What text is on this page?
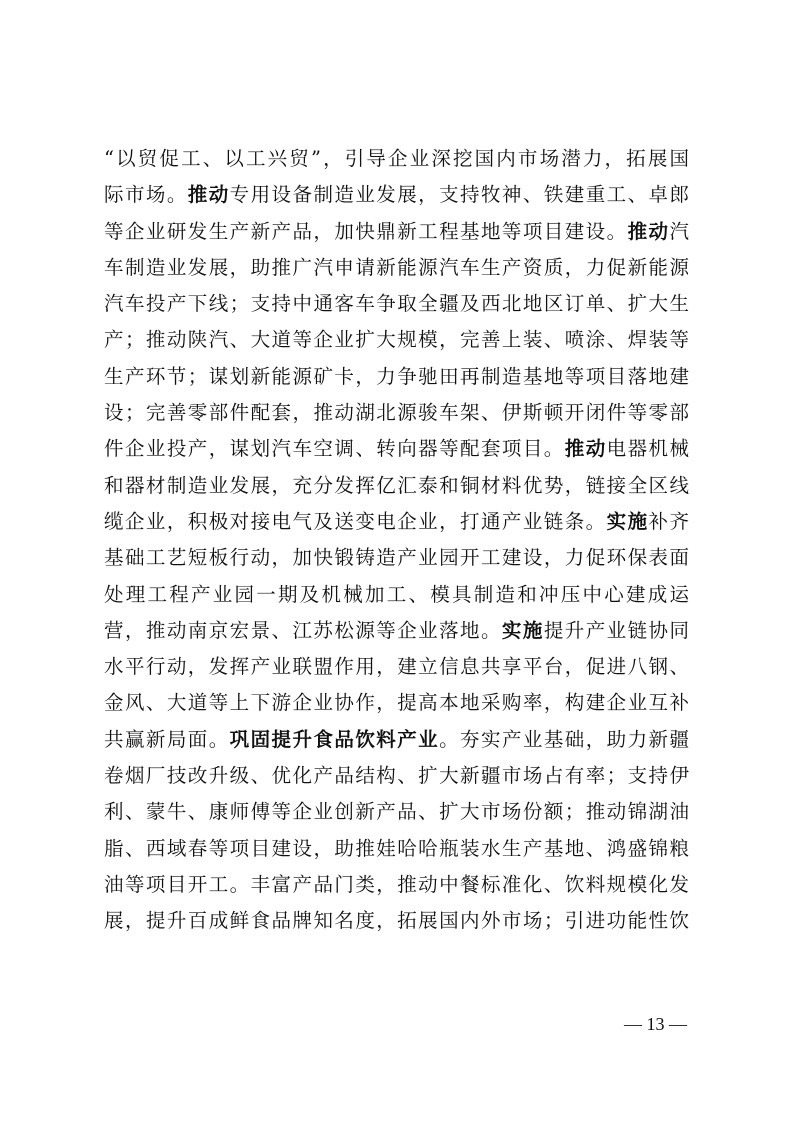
“以贸促工、以工兴贸”，引导企业深挖国内市场潜力，拓展国
际市场。推动专用设备制造业发展，支持牧神、铁建重工、卓郎
等企业研发生产新产品，加快鼎新工程基地等项目建设。推动汽
车制造业发展，助推广汽申请新能源汽车生产资质，力促新能源
汽车投产下线；支持中通客车争取全疆及西北地区订单、扩大生
产；推动陕汽、大道等企业扩大规模，完善上装、喷涂、焊装等
生产环节；谋划新能源矿卡，力争驰田再制造基地等项目落地建
设；完善零部件配套，推动湖北源骏车架、伊斯顿开闭件等零部
件企业投产，谋划汽车空调、转向器等配套项目。推动电器机械
和器材制造业发展，充分发挥亿汇泰和铜材料优势，链接全区线
缆企业，积极对接电气及送变电企业，打通产业链条。实施补齐
基础工艺短板行动，加快锻铸造产业园开工建设，力促环保表面
处理工程产业园一期及机械加工、模具制造和冲压中心建成运
营，推动南京宏景、江苏松源等企业落地。实施提升产业链协同
水平行动，发挥产业联盟作用，建立信息共享平台，促进八钢、
金风、大道等上下游企业协作，提高本地采购率，构建企业互补
共赢新局面。巩固提升食品饮料产业。夯实产业基础，助力新疆
卷烟厂技改升级、优化产品结构、扩大新疆市场占有率；支持伊
利、蒙牛、康师傅等企业创新产品、扩大市场份额；推动锦湖油
脂、西域春等项目建设，助推娃哈哈瓶装水生产基地、鸿盛锦粮
油等项目开工。丰富产品门类，推动中餐标准化、饮料规模化发
展，提升百成鲜食品牌知名度，拓展国内外市场；引进功能性饮
— 13 —
